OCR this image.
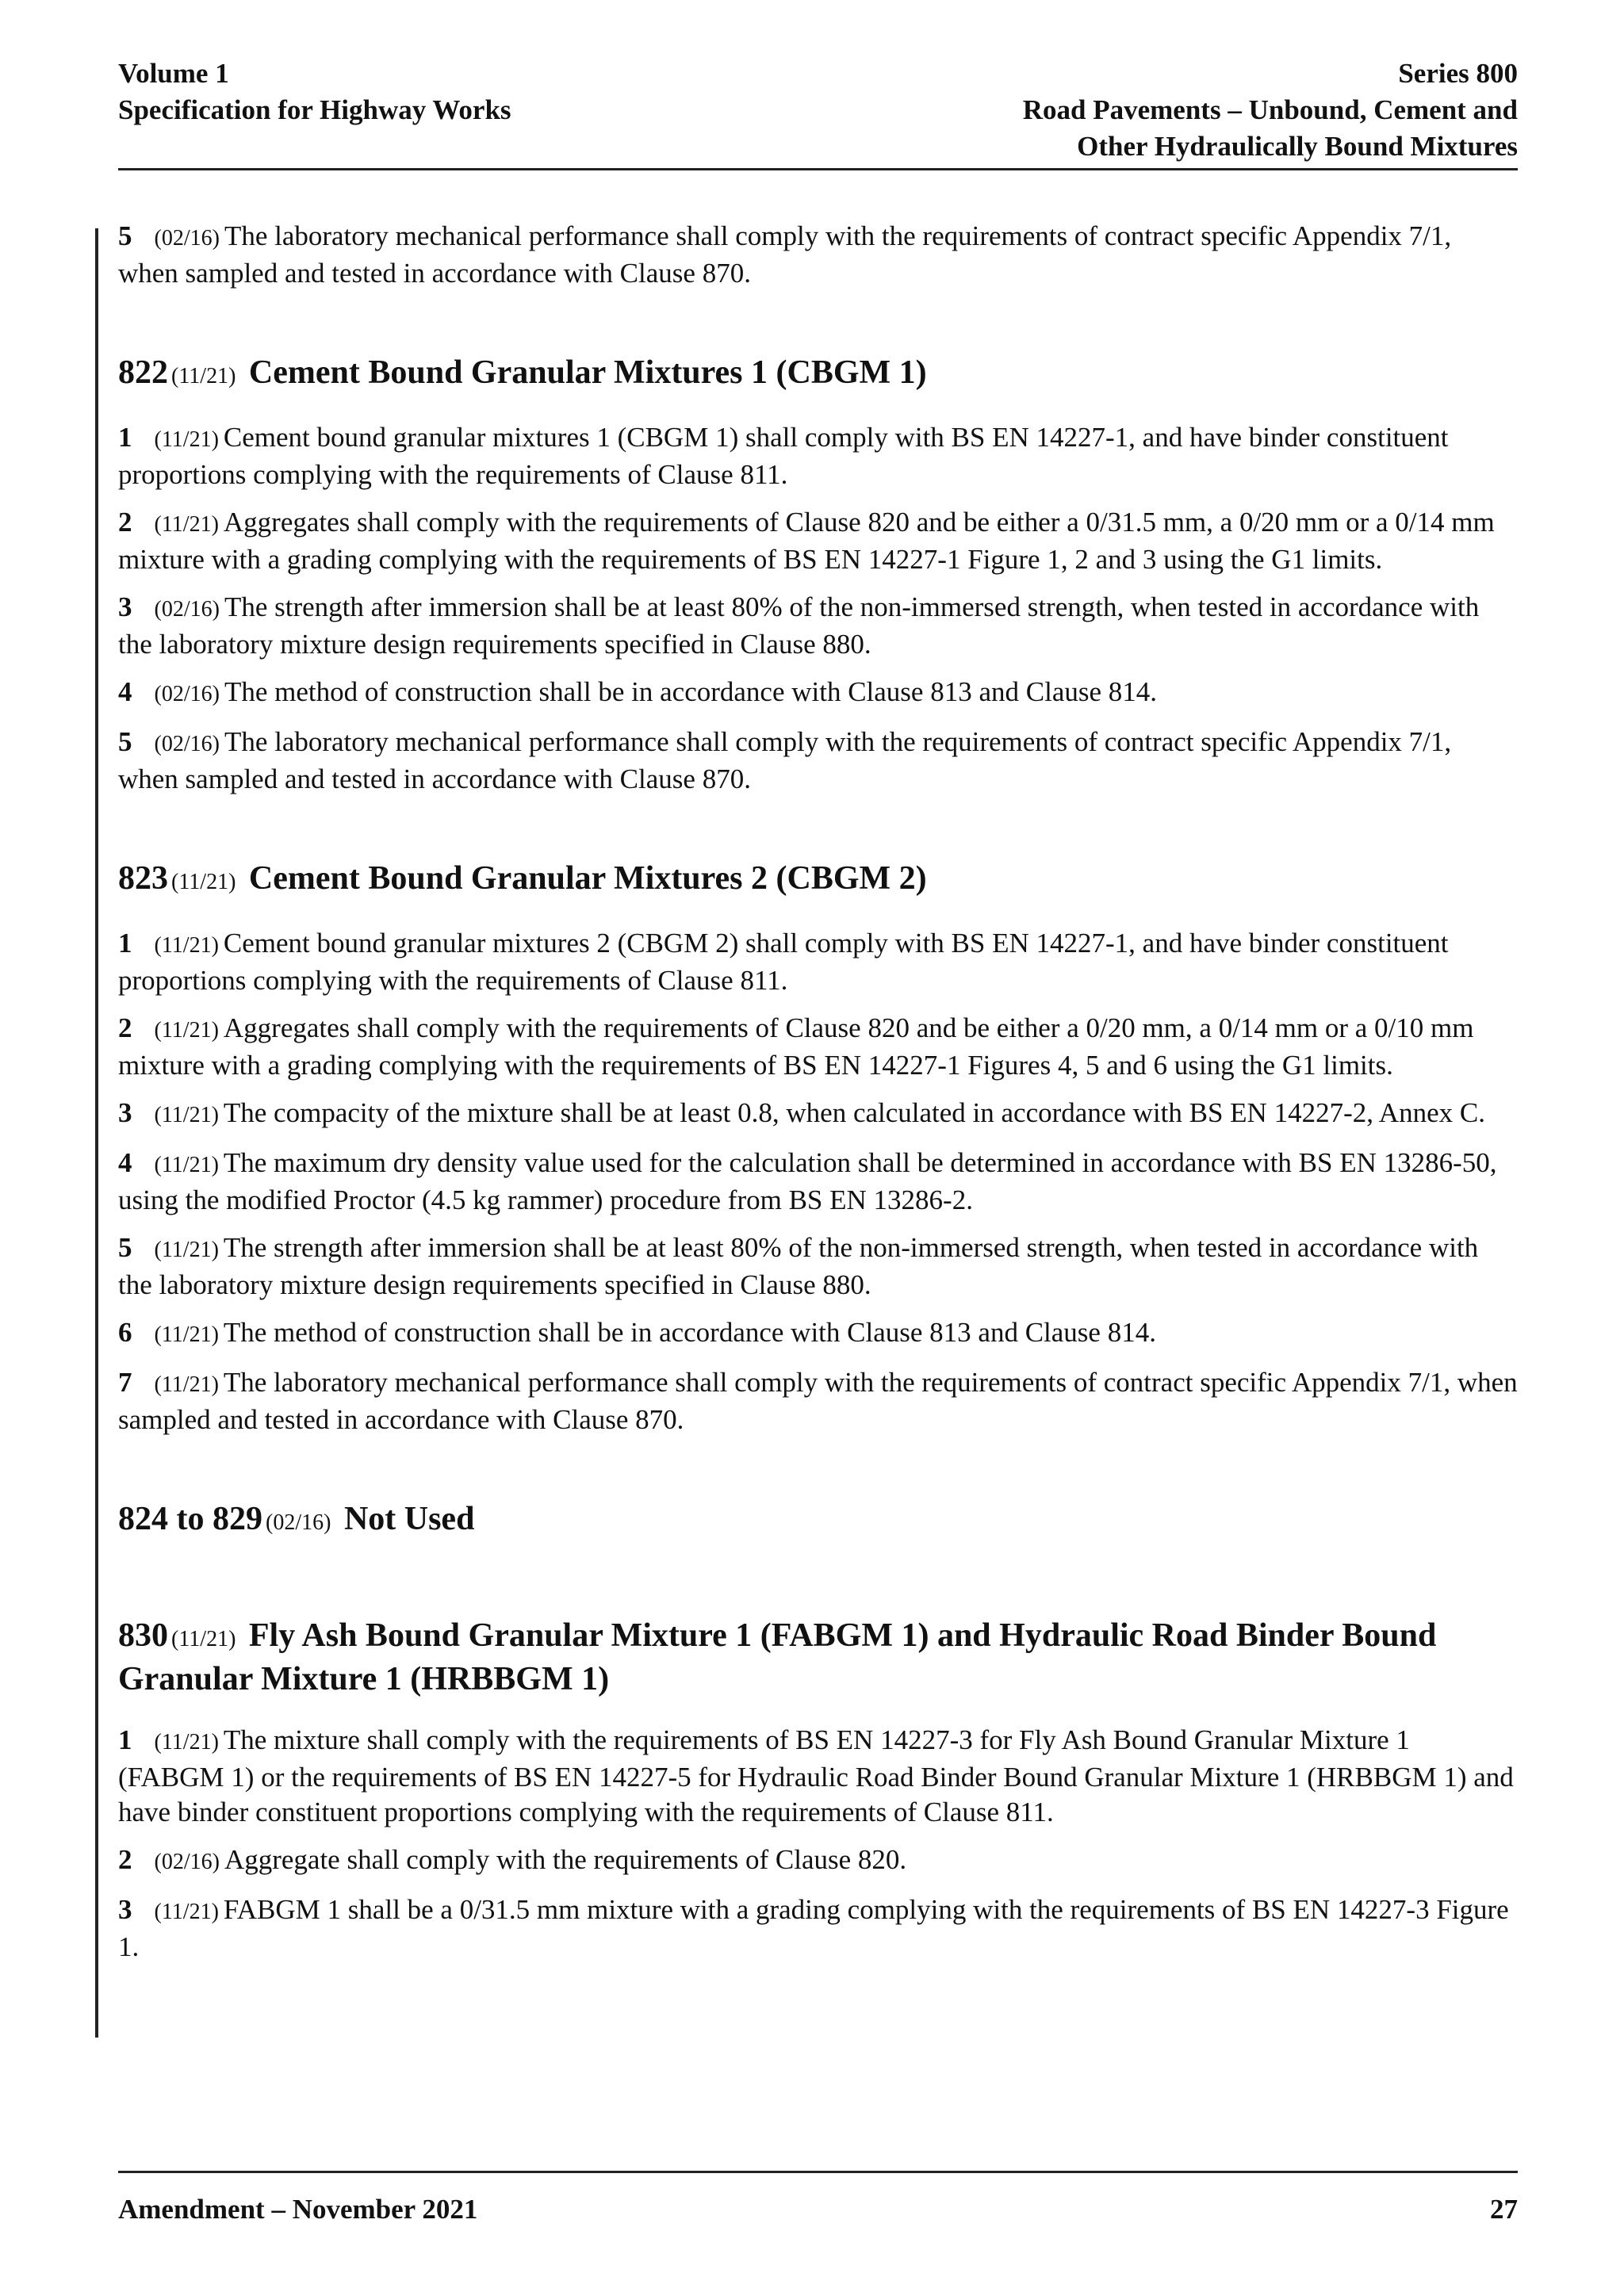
Volume 1
Specification for Highway Works
Series 800
Road Pavements – Unbound, Cement and
Other Hydraulically Bound Mixtures

5 (02/16) The laboratory mechanical performance shall comply with the requirements of contract specific Appendix 7/1, when sampled and tested in accordance with Clause 870.

822 (11/21) Cement Bound Granular Mixtures 1 (CBGM 1)

1 (11/21) Cement bound granular mixtures 1 (CBGM 1) shall comply with BS EN 14227-1, and have binder constituent proportions complying with the requirements of Clause 811.

2 (11/21) Aggregates shall comply with the requirements of Clause 820 and be either a 0/31.5 mm, a 0/20 mm or a 0/14 mm mixture with a grading complying with the requirements of BS EN 14227-1 Figure 1, 2 and 3 using the G1 limits.

3 (02/16) The strength after immersion shall be at least 80% of the non-immersed strength, when tested in accordance with the laboratory mixture design requirements specified in Clause 880.

4 (02/16) The method of construction shall be in accordance with Clause 813 and Clause 814.

5 (02/16) The laboratory mechanical performance shall comply with the requirements of contract specific Appendix 7/1, when sampled and tested in accordance with Clause 870.

823 (11/21) Cement Bound Granular Mixtures 2 (CBGM 2)

1 (11/21) Cement bound granular mixtures 2 (CBGM 2) shall comply with BS EN 14227-1, and have binder constituent proportions complying with the requirements of Clause 811.

2 (11/21) Aggregates shall comply with the requirements of Clause 820 and be either a 0/20 mm, a 0/14 mm or a 0/10 mm mixture with a grading complying with the requirements of BS EN 14227-1 Figures 4, 5 and 6 using the G1 limits.

3 (11/21) The compacity of the mixture shall be at least 0.8, when calculated in accordance with BS EN 14227-2, Annex C.

4 (11/21) The maximum dry density value used for the calculation shall be determined in accordance with BS EN 13286-50, using the modified Proctor (4.5 kg rammer) procedure from BS EN 13286-2.

5 (11/21) The strength after immersion shall be at least 80% of the non-immersed strength, when tested in accordance with the laboratory mixture design requirements specified in Clause 880.

6 (11/21) The method of construction shall be in accordance with Clause 813 and Clause 814.

7 (11/21) The laboratory mechanical performance shall comply with the requirements of contract specific Appendix 7/1, when sampled and tested in accordance with Clause 870.

824 to 829 (02/16) Not Used
830 (11/21) Fly Ash Bound Granular Mixture 1 (FABGM 1) and Hydraulic Road Binder Bound Granular Mixture 1 (HRBBGM 1)

1 (11/21) The mixture shall comply with the requirements of BS EN 14227-3 for Fly Ash Bound Granular Mixture 1 (FABGM 1) or the requirements of BS EN 14227-5 for Hydraulic Road Binder Bound Granular Mixture 1 (HRBBGM 1) and have binder constituent proportions complying with the requirements of Clause 811.

2 (02/16) Aggregate shall comply with the requirements of Clause 820.

3 (11/21) FABGM 1 shall be a 0/31.5 mm mixture with a grading complying with the requirements of BS EN 14227-3 Figure 1.

Amendment – November 2021	27
